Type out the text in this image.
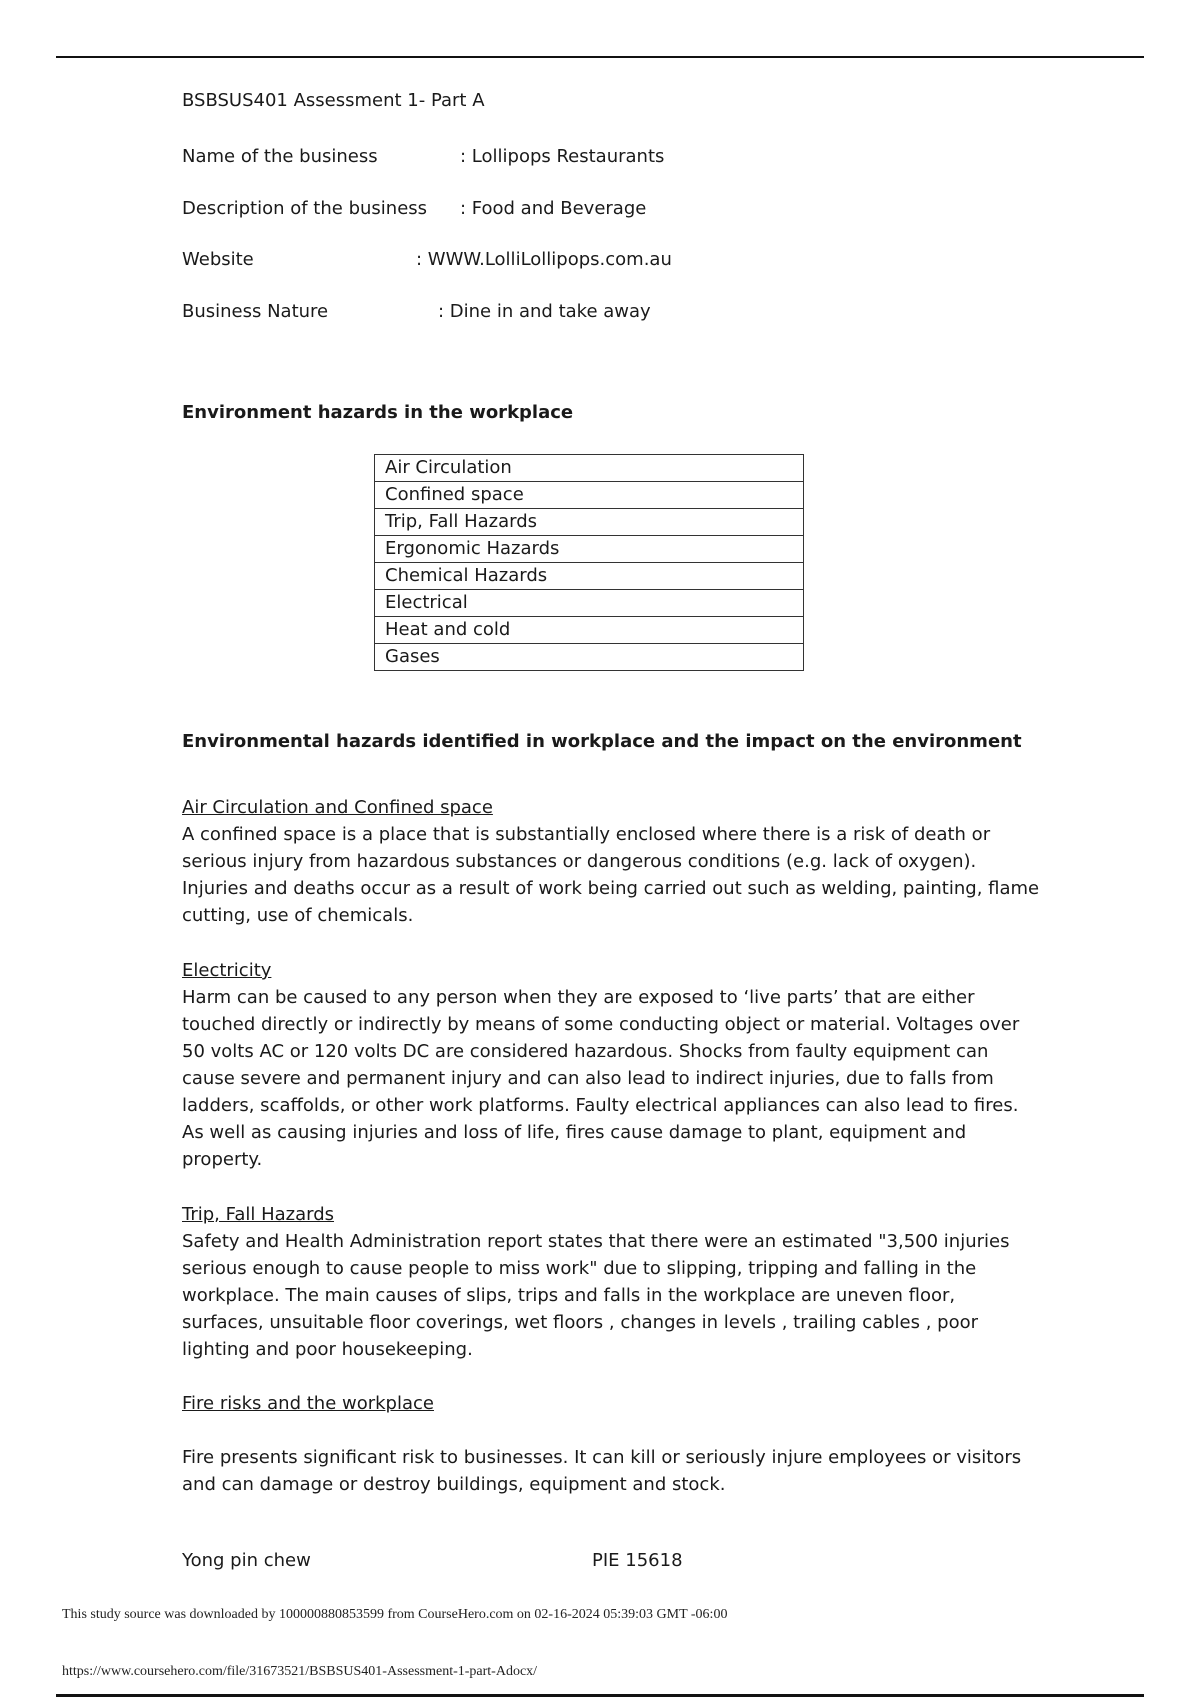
BSBSUS401 Assessment 1- Part A

Name of the business	: Lollipops Restaurants
Description of the business : Food and Beverage
Website	: WWW.LolliLollipops.com.au
Business Nature	: Dine in and take away
Environment hazards in the workplace
Air Circulation
Confined space
Trip, Fall Hazards
Ergonomic Hazards
Chemical Hazards
Electrical
Heat and cold
Gases
Environmental hazards identified in workplace and the impact on the environment
Air Circulation and Confined space

A confined space is a place that is substantially enclosed where there is a risk of death or serious injury from hazardous substances or dangerous conditions (e.g. lack of oxygen). Injuries and deaths occur as a result of work being carried out such as welding, painting, flame cutting, use of chemicals.

Electricity

Harm can be caused to any person when they are exposed to ‘live parts’ that are either touched directly or indirectly by means of some conducting object or material. Voltages over 50 volts AC or 120 volts DC are considered hazardous. Shocks from faulty equipment can cause severe and permanent injury and can also lead to indirect injuries, due to falls from ladders, scaffolds, or other work platforms. Faulty electrical appliances can also lead to fires. As well as causing injuries and loss of life, fires cause damage to plant, equipment and property.

Trip, Fall Hazards

Safety and Health Administration report states that there were an estimated "3,500 injuries serious enough to cause people to miss work" due to slipping, tripping and falling in the workplace. The main causes of slips, trips and falls in the workplace are uneven floor, surfaces, unsuitable floor coverings, wet floors , changes in levels , trailing cables , poor lighting and poor housekeeping.

Fire risks and the workplace

Fire presents significant risk to businesses. It can kill or seriously injure employees or visitors and can damage or destroy buildings, equipment and stock.

Yong pin chew	PIE 15618
This study source was downloaded by 100000880853599 from CourseHero.com on 02-16-2024 05:39:03 GMT -06:00
https://www.coursehero.com/file/31673521/BSBSUS401-Assessment-1-part-Adocx/
